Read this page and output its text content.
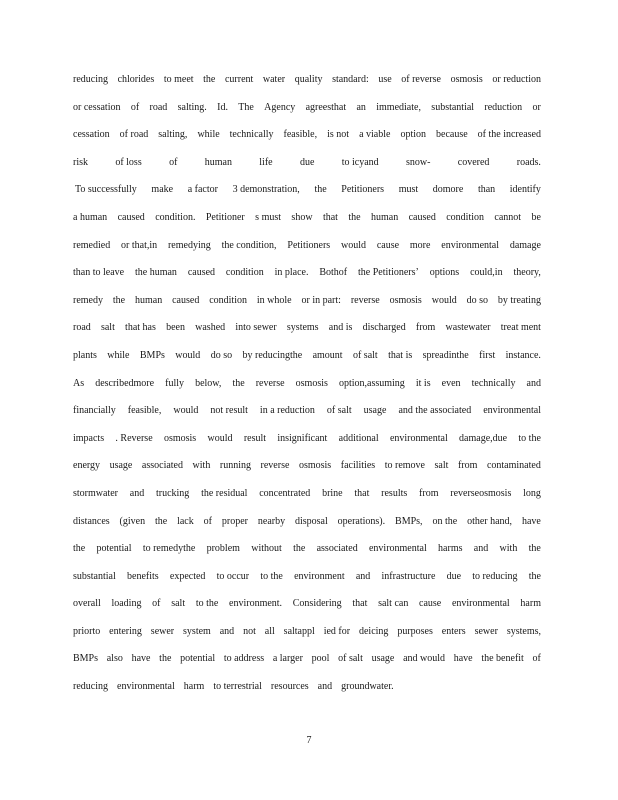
reducing chlorides to meet the current water quality standard: use of reverse osmosis or reduction
or cessation of road salting. Id. The Agency agreesthat an immediate, substantial reduction or
cessation of road salting, while technically feasible, is not a viable option because of the increased
risk	of loss	of	human	life	due	to icyand	snow-	covered	roads.
To successfully make a factor 3 demonstration, the Petitioners must domore than identify
a human caused condition. Petitioner s must show that the human caused condition cannot be
remedied or that,in remedying the condition, Petitioners would cause more environmental damage
than to leave the human caused condition in place. Bothof the Petitioners’ options could,in theory,
remedy the human caused condition in whole or in part: reverse osmosis would do so by treating
road salt that has been washed into sewer systems and is discharged from wastewater treat ment
plants while BMPs would do so by reducingthe amount of salt that is spreadinthe first instance.
As describedmore fully below, the reverse osmosis option,assuming it is even technically and
financially feasible, would not result in a reduction of salt usage and the associated environmental
impacts . Reverse osmosis would result insignificant additional environmental damage,due to the
energy usage associated with running reverse osmosis facilities to remove salt from contaminated
stormwater and trucking the residual concentrated brine that results from reverseosmosis long
distances (given the lack of proper nearby disposal operations). BMPs, on the other hand, have
the potential to remedythe problem without the associated environmental harms and with the
substantial benefits expected to occur to the environment and infrastructure due to reducing the
overall loading of salt to the environment. Considering that salt can cause environmental harm
priorto entering sewer system and not all saltappl ied for deicing purposes enters sewer systems,
BMPs also have the potential to address a larger pool of salt usage and would have the benefit of
reducing environmental harm to terrestrial resources and groundwater.
7
